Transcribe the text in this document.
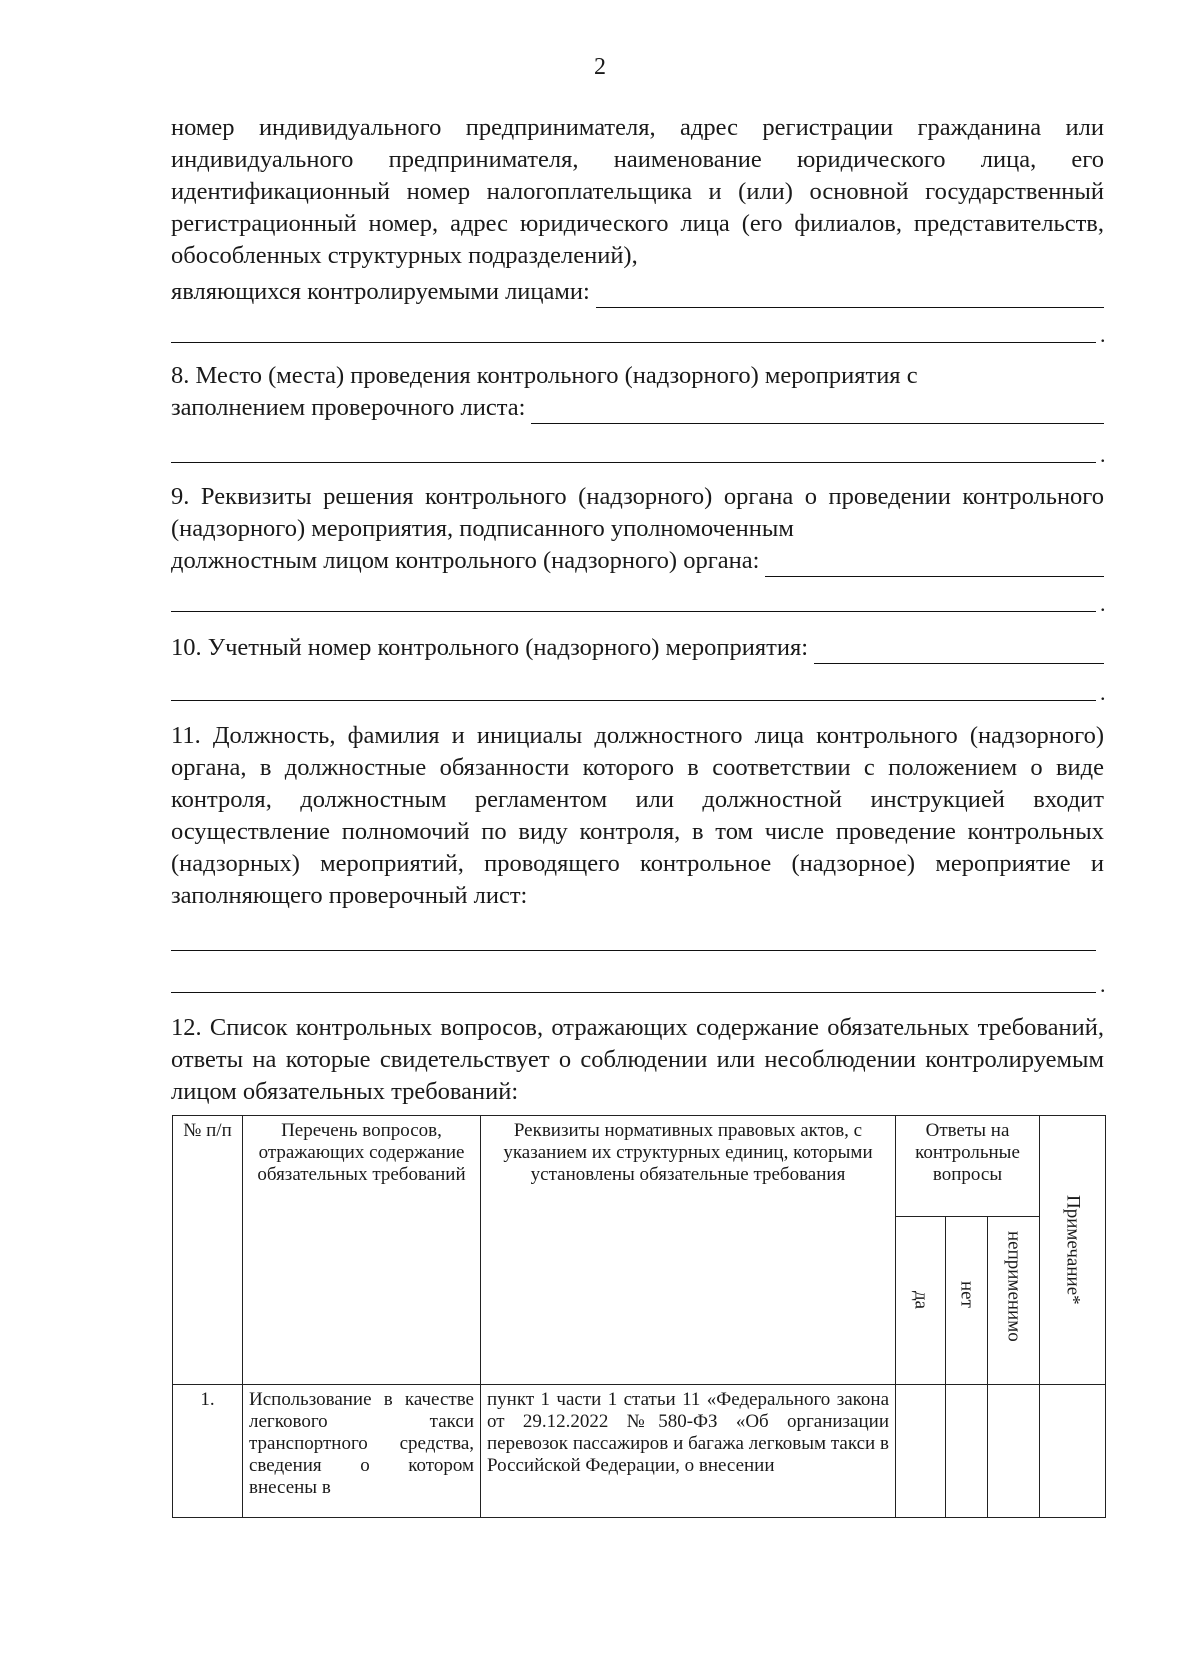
2

номер индивидуального предпринимателя, адрес регистрации гражданина или индивидуального предпринимателя, наименование юридического лица, его идентификационный номер налогоплательщика и (или) основной государственный регистрационный номер, адрес юридического лица (его филиалов, представительств, обособленных структурных подразделений),

являющихся контролируемыми лицами:
.
8. Место (места) проведения контрольного (надзорного) мероприятия с
заполнением проверочного листа:
.

9. Реквизиты решения контрольного (надзорного) органа о проведении контрольного (надзорного) мероприятия, подписанного уполномоченным

должностным лицом контрольного (надзорного) органа:
.
10. Учетный номер контрольного (надзорного) мероприятия:
.

11. Должность, фамилия и инициалы должностного лица контрольного (надзорного) органа, в должностные обязанности которого в соответствии с положением о виде контроля, должностным регламентом или должностной инструкцией входит осуществление полномочий по виду контроля, в том числе проведение контрольных (надзорных) мероприятий, проводящего контрольное (надзорное) мероприятие и заполняющего проверочный лист:

.

12. Список контрольных вопросов, отражающих содержание обязательных требований, ответы на которые свидетельствует о соблюдении или несоблюдении контролируемым лицом обязательных требований:

№ п/п	Перечень вопросов, отражающих содержание обязательных требований	Реквизиты нормативных правовых актов, с указанием их структурных единиц, которыми установлены обязательные требования	Ответы на контрольные вопросы			Примечание*

			да	нет	неприменимо	

1.	Использование в качестве легкового такси транспортного средства, сведения о котором внесены в	пункт 1 части 1 статьи 11 «Федерального закона от 29.12.2022 №580-ФЗ «Об организации перевозок пассажиров и багажа легковым такси в Российской Федерации, о внесении				
